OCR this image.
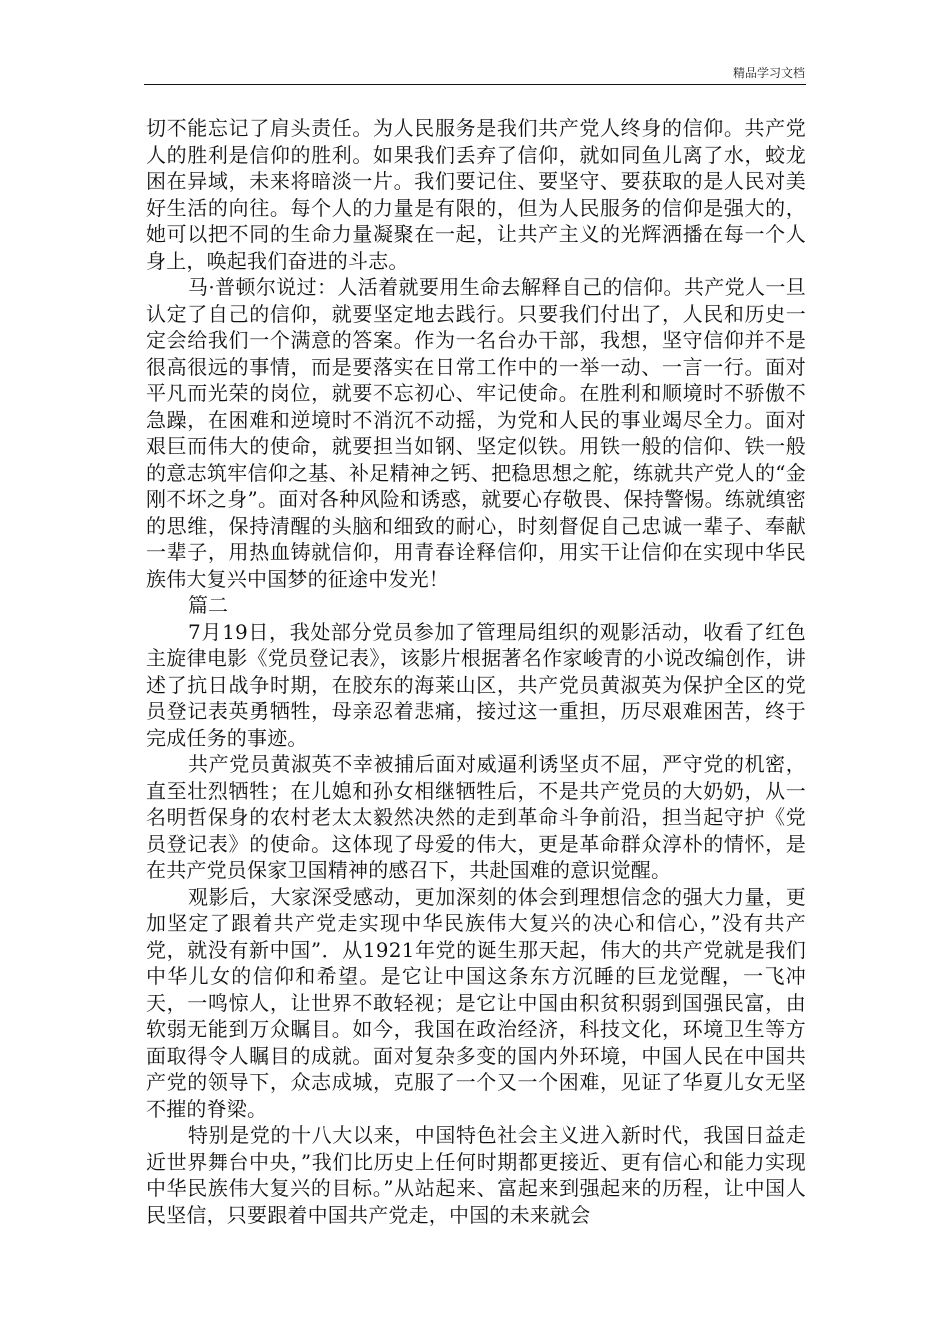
精品学习文档

切不能忘记了肩头责任。为人民服务是我们共产党人终身的信仰。共产党人的胜利是信仰的胜利。如果我们丢弃了信仰，就如同鱼儿离了水，蛟龙困在异域，未来将暗淡一片。我们要记住、要坚守、要获取的是人民对美好生活的向往。每个人的力量是有限的，但为人民服务的信仰是强大的，她可以把不同的生命力量凝聚在一起，让共产主义的光辉洒播在每一个人身上，唤起我们奋进的斗志。

马·普顿尔说过：人活着就要用生命去解释自己的信仰。共产党人一旦认定了自己的信仰，就要坚定地去践行。只要我们付出了，人民和历史一定会给我们一个满意的答案。作为一名台办干部，我想，坚守信仰并不是很高很远的事情，而是要落实在日常工作中的一举一动、一言一行。面对平凡而光荣的岗位，就要不忘初心、牢记使命。在胜利和顺境时不骄傲不急躁，在困难和逆境时不消沉不动摇，为党和人民的事业竭尽全力。面对艰巨而伟大的使命，就要担当如钢、坚定似铁。用铁一般的信仰、铁一般的意志筑牢信仰之基、补足精神之钙、把稳思想之舵，练就共产党人的“金刚不坏之身”。面对各种风险和诱惑，就要心存敬畏、保持警惕。练就缜密的思维，保持清醒的头脑和细致的耐心，时刻督促自己忠诚一辈子、奉献一辈子，用热血铸就信仰，用青春诠释信仰，用实干让信仰在实现中华民族伟大复兴中国梦的征途中发光！

篇二

7月19日，我处部分党员参加了管理局组织的观影活动，收看了红色主旋律电影《党员登记表》，该影片根据著名作家峻青的小说改编创作，讲述了抗日战争时期，在胶东的海莱山区，共产党员黄淑英为保护全区的党员登记表英勇牺牲，母亲忍着悲痛，接过这一重担，历尽艰难困苦，终于完成任务的事迹。

共产党员黄淑英不幸被捕后面对威逼利诱坚贞不屈，严守党的机密，直至壮烈牺牲；在儿媳和孙女相继牺牲后，不是共产党员的大奶奶，从一名明哲保身的农村老太太毅然决然的走到革命斗争前沿，担当起守护《党员登记表》的使命。这体现了母爱的伟大，更是革命群众淳朴的情怀，是在共产党员保家卫国精神的感召下，共赴国难的意识觉醒。

观影后，大家深受感动，更加深刻的体会到理想信念的强大力量，更加坚定了跟着共产党走实现中华民族伟大复兴的决心和信心，”没有共产党，就没有新中国”．从1921年党的诞生那天起，伟大的共产党就是我们中华儿女的信仰和希望。是它让中国这条东方沉睡的巨龙觉醒，一飞冲天，一鸣惊人，让世界不敢轻视；是它让中国由积贫积弱到国强民富，由软弱无能到万众瞩目。如今，我国在政治经济，科技文化，环境卫生等方面取得令人瞩目的成就。面对复杂多变的国内外环境，中国人民在中国共产党的领导下，众志成城，克服了一个又一个困难，见证了华夏儿女无坚不摧的脊梁。

特别是党的十八大以来，中国特色社会主义进入新时代，我国日益走近世界舞台中央，”我们比历史上任何时期都更接近、更有信心和能力实现中华民族伟大复兴的目标。”从站起来、富起来到强起来的历程，让中国人民坚信，只要跟着中国共产党走，中国的未来就会
